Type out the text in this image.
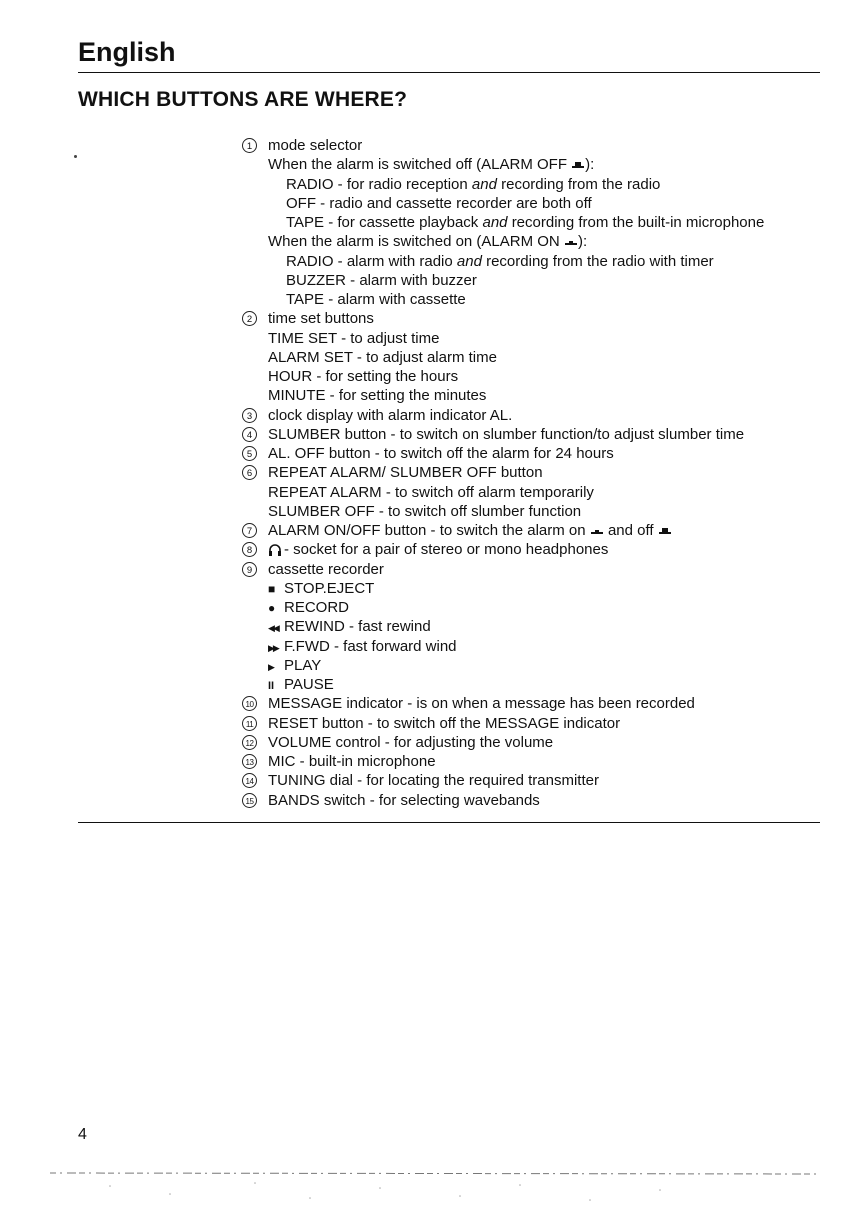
English
WHICH BUTTONS ARE WHERE?
1	mode selector
When the alarm is switched off (ALARM OFF ):
RADIO - for radio reception and recording from the radio
OFF - radio and cassette recorder are both off
TAPE - for cassette playback and recording from the built-in microphone
When the alarm is switched on (ALARM ON ):
RADIO - alarm with radio and recording from the radio with timer
BUZZER - alarm with buzzer
TAPE - alarm with cassette
2	time set buttons
TIME SET - to adjust time
ALARM SET - to adjust alarm time
HOUR - for setting the hours
MINUTE - for setting the minutes
3	clock display with alarm indicator AL.
4	SLUMBER button - to switch on slumber function/to adjust slumber time
5	AL. OFF button - to switch off the alarm for 24 hours
6	REPEAT ALARM/ SLUMBER OFF button
REPEAT ALARM - to switch off alarm temporarily
SLUMBER OFF - to switch off slumber function
7	ALARM ON/OFF button - to switch the alarm on and off
8	- socket for a pair of stereo or mono headphones
9	cassette recorder
■ STOP.EJECT
● RECORD
◀◀ REWIND - fast rewind
▶▶ F.FWD - fast forward wind
▶ PLAY
II PAUSE
10 MESSAGE indicator - is on when a message has been recorded
11 RESET button - to switch off the MESSAGE indicator
12 VOLUME control - for adjusting the volume
13 MIC - built-in microphone
14 TUNING dial - for locating the required transmitter
15 BANDS switch - for selecting wavebands
4
